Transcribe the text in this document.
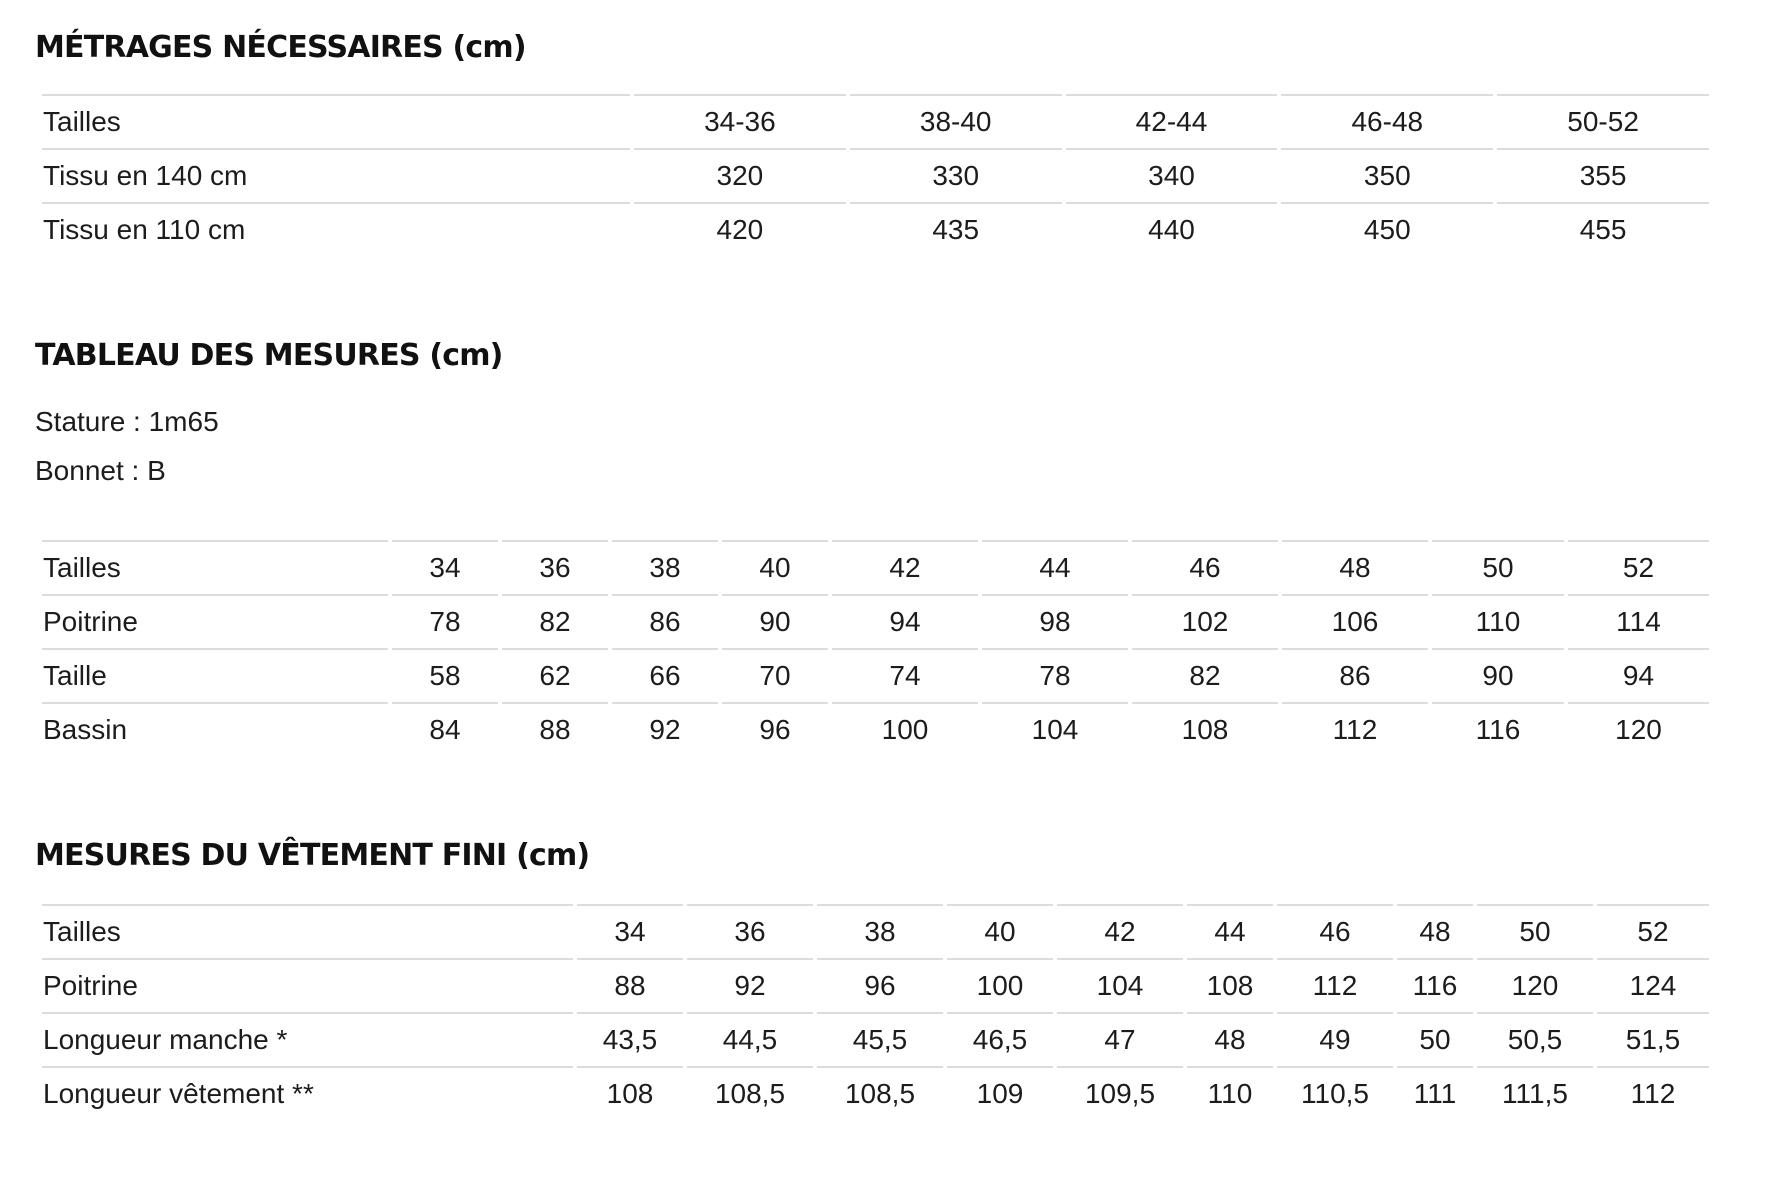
MÉTRAGES NÉCESSAIRES (cm)
Tailles	34-36	38-40	42-44	46-48	50-52
Tissu en 140 cm	320	330	340	350	355
Tissu en 110 cm	420	435	440	450	455
TABLEAU DES MESURES (cm)

Stature : 1m65

Bonnet : B

Tailles	34	36	38	40	42	44	46	48	50	52
Poitrine	78	82	86	90	94	98	102	106	110	114
Taille	58	62	66	70	74	78	82	86	90	94
Bassin	84	88	92	96	100	104	108	112	116	120
MESURES DU VÊTEMENT FINI (cm)
Tailles	34	36	38	40	42	44	46	48	50	52
Poitrine	88	92	96	100	104	108	112	116	120	124
Longueur manche *	43,5	44,5	45,5	46,5	47	48	49	50	50,5	51,5
Longueur vêtement **	108	108,5	108,5	109	109,5	110	110,5	111	111,5	112
